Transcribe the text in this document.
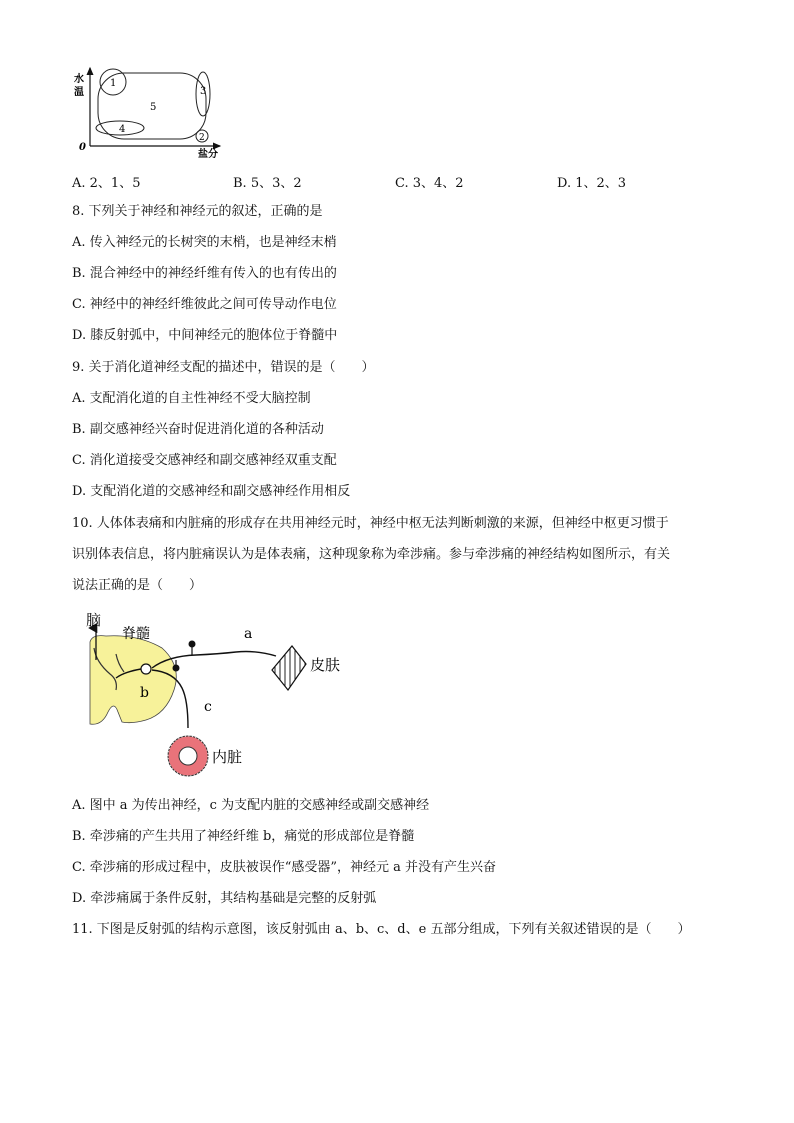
水
温
0
盐分
1
2
3
4
5
A. 2、1、5	B. 5、3、2	C. 3、4、2	D. 1、2、3
8. 下列关于神经和神经元的叙述，正确的是
A. 传入神经元的长树突的末梢，也是神经末梢
B. 混合神经中的神经纤维有传入的也有传出的
C. 神经中的神经纤维彼此之间可传导动作电位
D. 膝反射弧中，中间神经元的胞体位于脊髓中
9. 关于消化道神经支配的描述中，错误的是（　　）
A. 支配消化道的自主性神经不受大脑控制
B. 副交感神经兴奋时促进消化道的各种活动
C. 消化道接受交感神经和副交感神经双重支配
D. 支配消化道的交感神经和副交感神经作用相反
10. 人体体表痛和内脏痛的形成存在共用神经元时，神经中枢无法判断刺激的来源，但神经中枢更习惯于
识别体表信息，将内脏痛误认为是体表痛，这种现象称为牵涉痛。参与牵涉痛的神经结构如图所示，有关
说法正确的是（　　）
脑
脊髓
b
a
皮肤
c
内脏
A. 图中 a 为传出神经，c 为支配内脏的交感神经或副交感神经
B. 牵涉痛的产生共用了神经纤维 b，痛觉的形成部位是脊髓
C. 牵涉痛的形成过程中，皮肤被误作“感受器”，神经元 a 并没有产生兴奋
D. 牵涉痛属于条件反射，其结构基础是完整的反射弧
11. 下图是反射弧的结构示意图，该反射弧由 a、b、c、d、e 五部分组成，下列有关叙述错误的是（　　）
